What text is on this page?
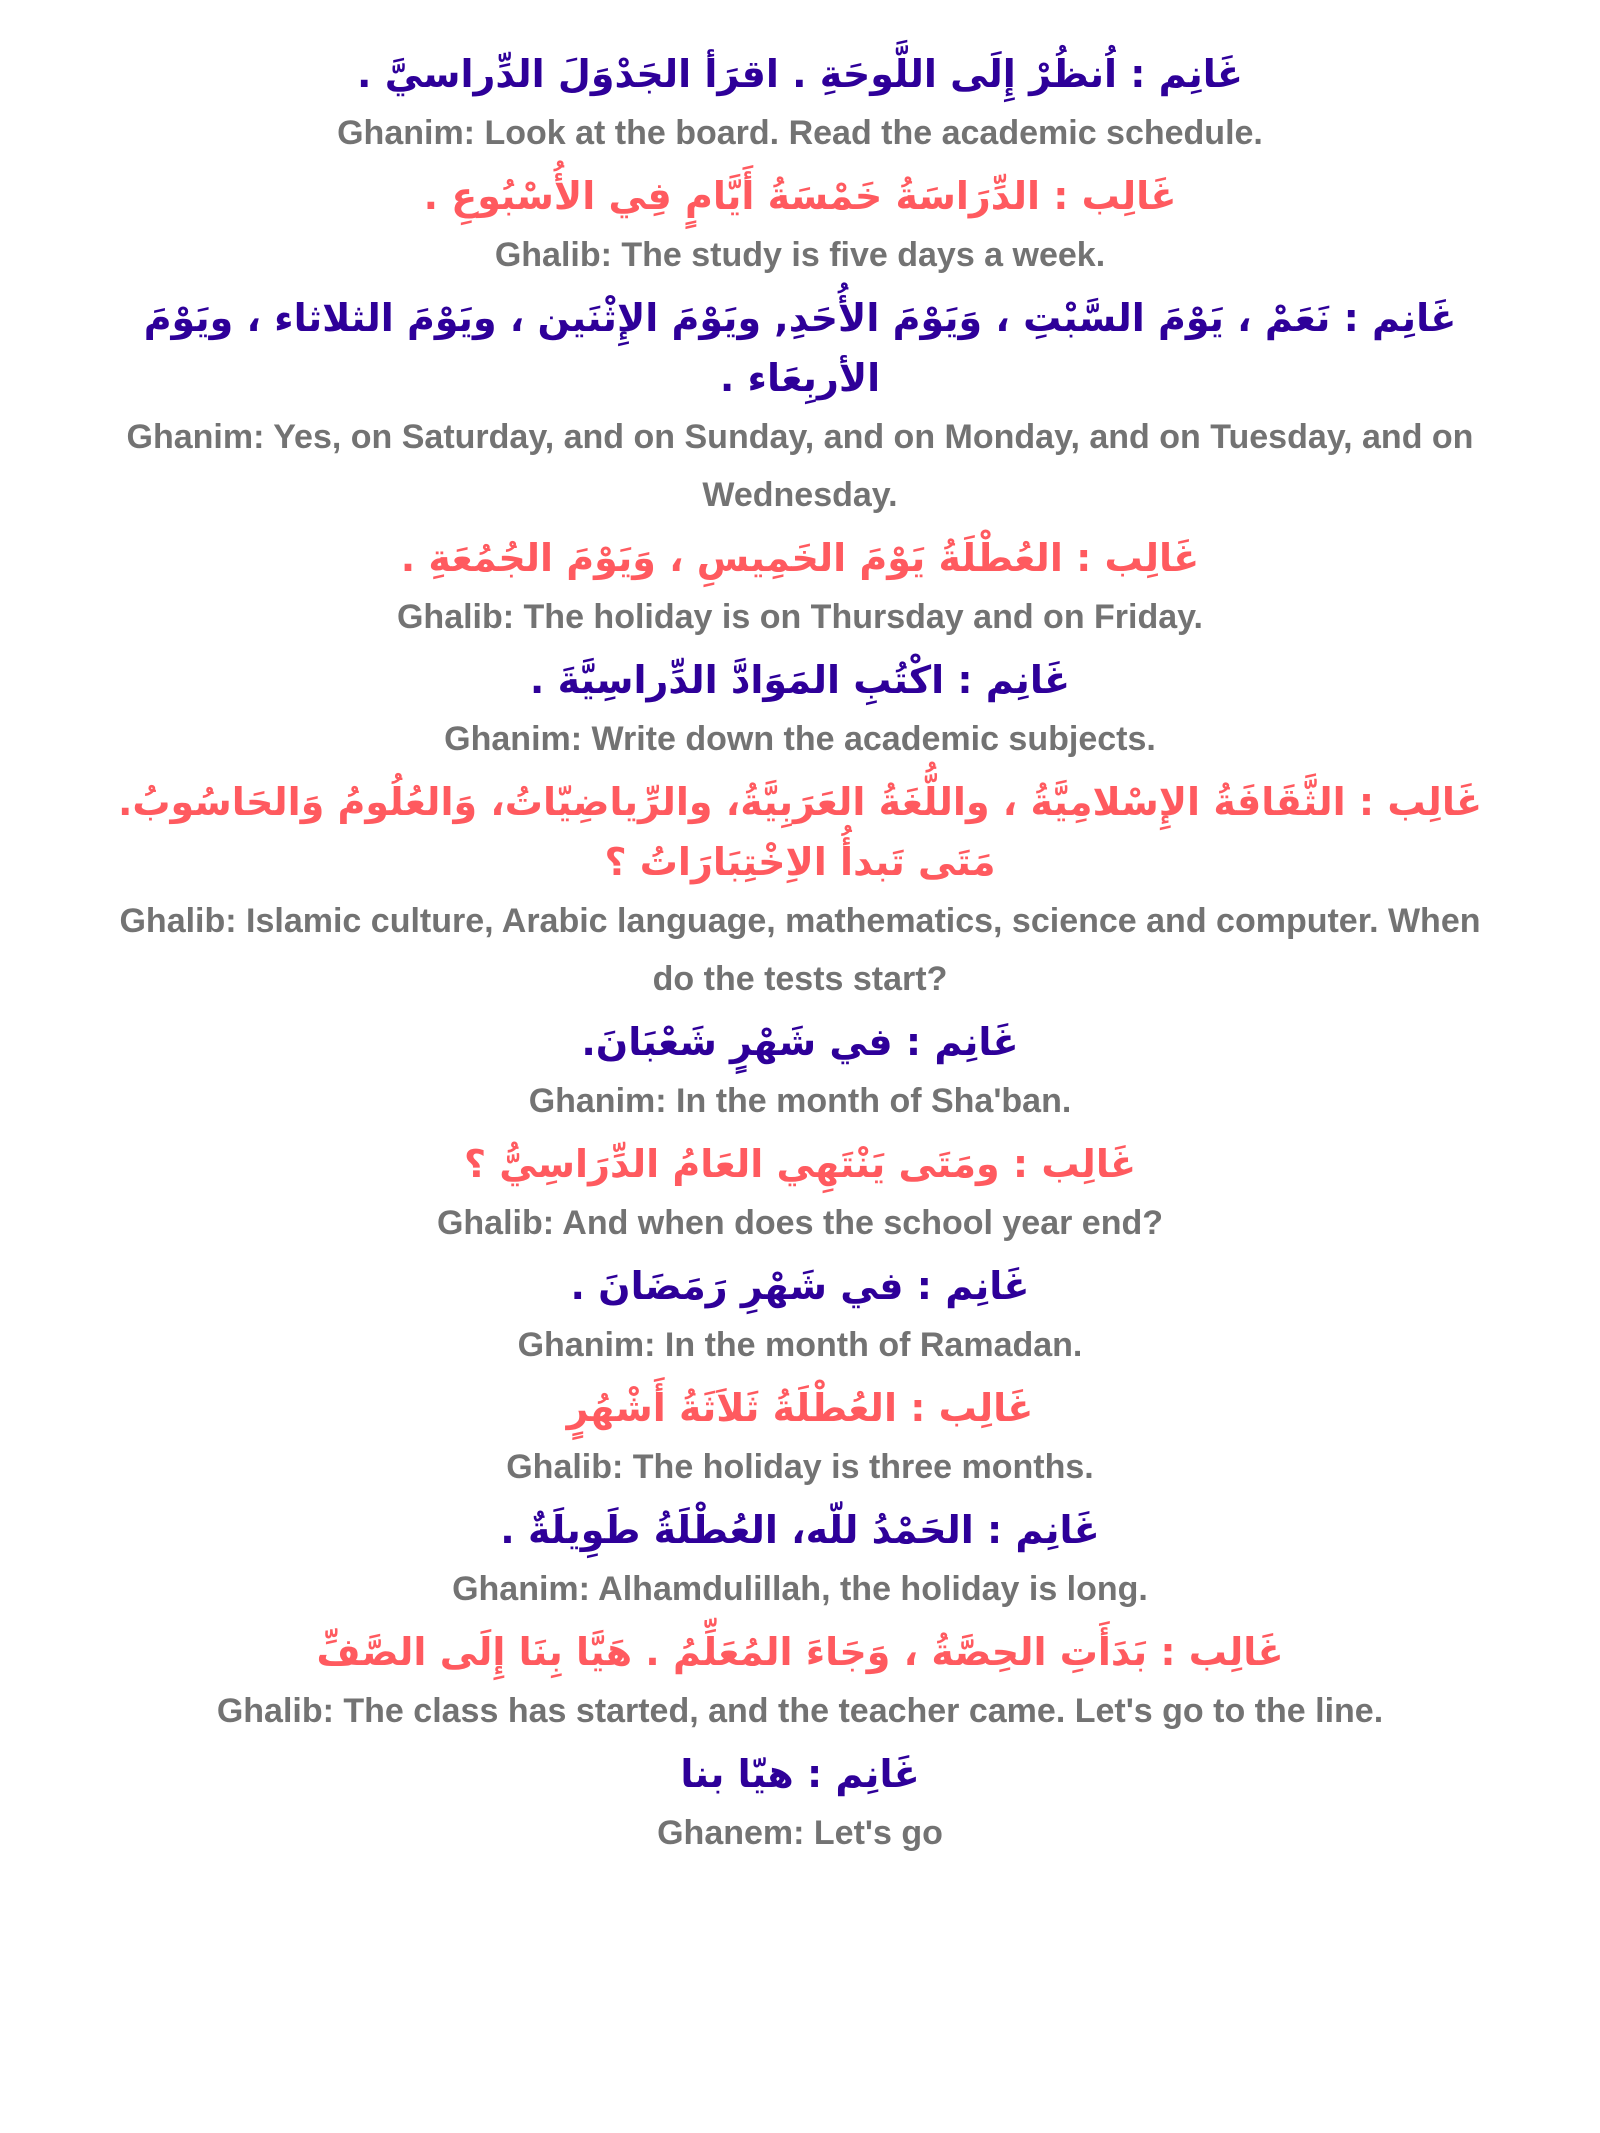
غَانِم : اُنظُرْ إِلَى اللَّوحَةِ . اقرَأ الجَدْوَلَ الدِّراسيَّ .

Ghanim: Look at the board. Read the academic schedule.

غَالِب : الدِّرَاسَةُ خَمْسَةُ أَيَّامٍ فِي الأُسْبُوعِ .

Ghalib: The study is five days a week.

غَانِم : نَعَمْ ، يَوْمَ السَّبْتِ ، وَيَوْمَ الأُحَدِ, ويَوْمَ الإِثْنَين ، ويَوْمَ الثلاثاء ، ويَوْمَ الأربِعَاء .

Ghanim: Yes, on Saturday, and on Sunday, and on Monday, and on Tuesday, and on Wednesday.

غَالِب : العُطْلَةُ يَوْمَ الخَمِيسِ ، وَيَوْمَ الجُمُعَةِ .

Ghalib: The holiday is on Thursday and on Friday.

غَانِم : اكْتُبِ المَوَادَّ الدِّراسِيَّةَ .

Ghanim: Write down the academic subjects.

غَالِب : الثَّقَافَةُ الإِسْلامِيَّةُ ، واللُّغَةُ العَرَبِيَّةُ، والرِّياضِيّاتُ، وَالعُلُومُ وَالحَاسُوبُ. مَتَى تَبدأُ الاِخْتِبَارَاتُ ؟

Ghalib: Islamic culture, Arabic language, mathematics, science and computer. When do the tests start?

غَانِم : في شَهْرٍ شَعْبَانَ.

Ghanim: In the month of Sha'ban.

غَالِب : ومَتَى يَنْتَهِي العَامُ الدِّرَاسِيُّ ؟

Ghalib: And when does the school year end?

غَانِم : في شَهْرِ رَمَضَانَ .

Ghanim: In the month of Ramadan.

غَالِب : العُطْلَةُ ثَلاَثَةُ أَشْهُرٍ

Ghalib: The holiday is three months.

غَانِم : الحَمْدُ للّه، العُطْلَةُ طَوِيلَةٌ .

Ghanim: Alhamdulillah, the holiday is long.

غَالِب : بَدَأَتِ الحِصَّةُ ، وَجَاءَ المُعَلِّمُ . هَيَّا بِنَا إِلَى الصَّفِّ

Ghalib: The class has started, and the teacher came. Let's go to the line.

غَانِم : هيّا بنا

Ghanem: Let's go
